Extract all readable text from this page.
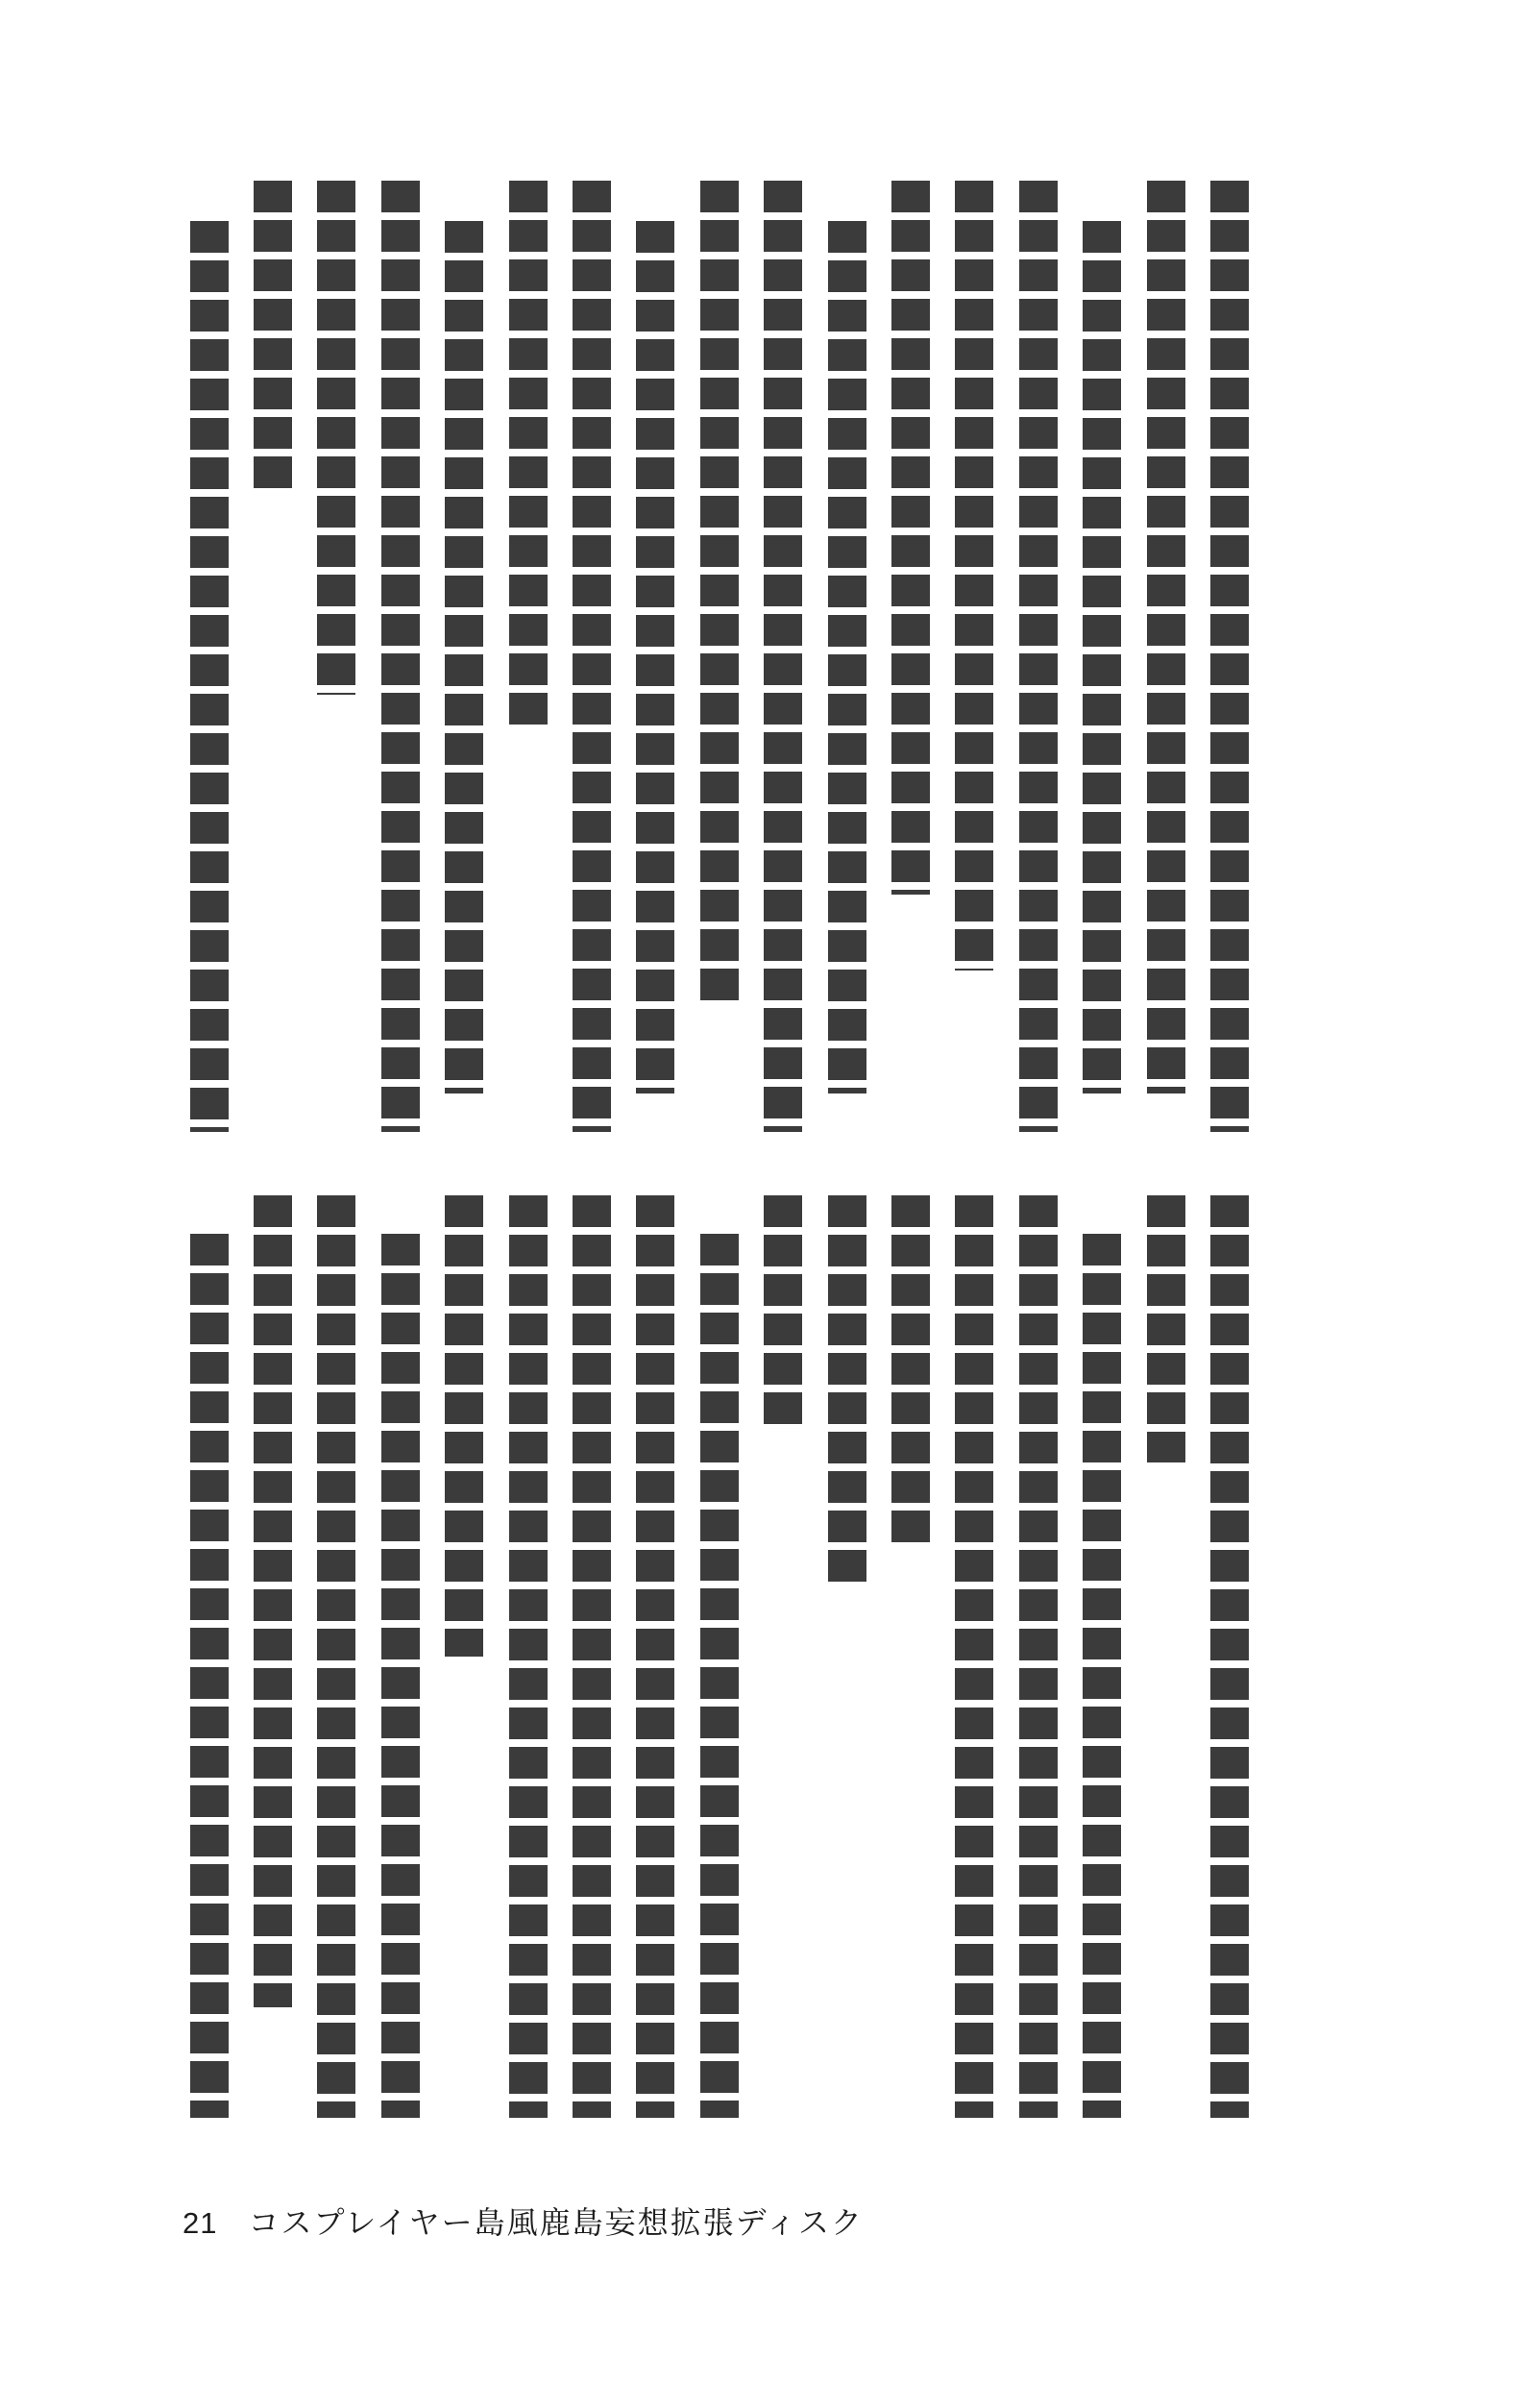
21 コスプレイヤー島風鹿島妄想拡張ディスク
